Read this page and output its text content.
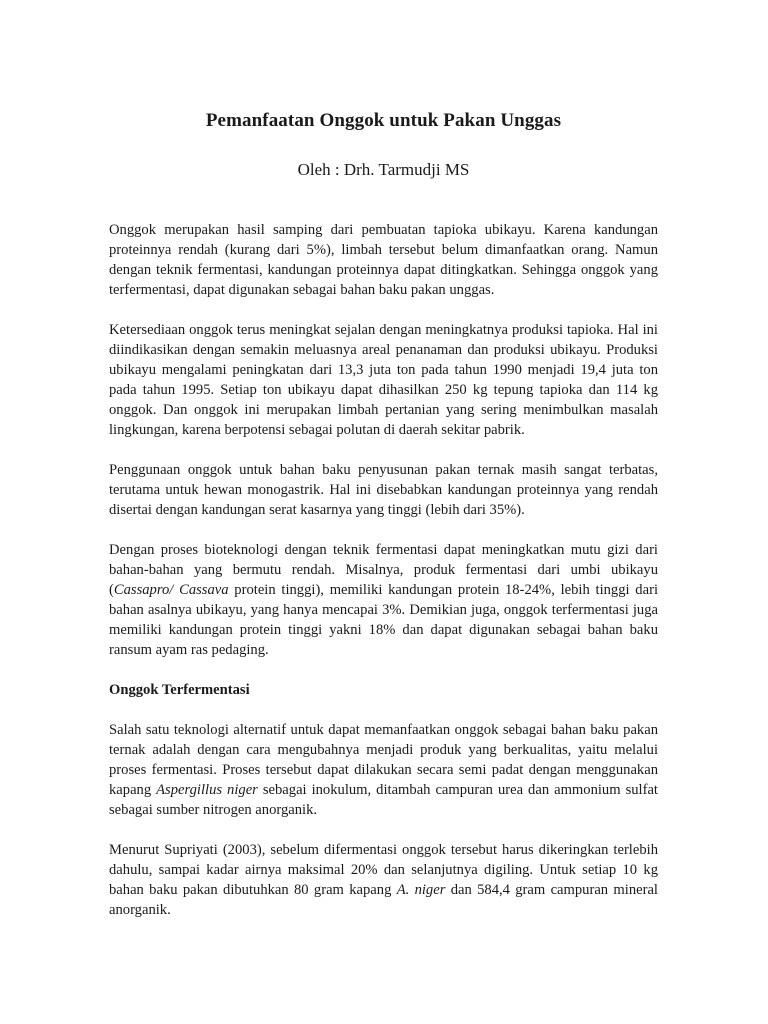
Pemanfaatan Onggok untuk Pakan Unggas
Oleh : Drh. Tarmudji MS

Onggok merupakan hasil samping dari pembuatan tapioka ubikayu. Karena kandungan proteinnya rendah (kurang dari 5%), limbah tersebut belum dimanfaatkan orang. Namun dengan teknik fermentasi, kandungan proteinnya dapat ditingkatkan. Sehingga onggok yang terfermentasi, dapat digunakan sebagai bahan baku pakan unggas.

Ketersediaan onggok terus meningkat sejalan dengan meningkatnya produksi tapioka. Hal ini diindikasikan dengan semakin meluasnya areal penanaman dan produksi ubikayu. Produksi ubikayu mengalami peningkatan dari 13,3 juta ton pada tahun 1990 menjadi 19,4 juta ton pada tahun 1995. Setiap ton ubikayu dapat dihasilkan 250 kg tepung tapioka dan 114 kg onggok. Dan onggok ini merupakan limbah pertanian yang sering menimbulkan masalah lingkungan, karena berpotensi sebagai polutan di daerah sekitar pabrik.

Penggunaan onggok untuk bahan baku penyusunan pakan ternak masih sangat terbatas, terutama untuk hewan monogastrik. Hal ini disebabkan kandungan proteinnya yang rendah disertai dengan kandungan serat kasarnya yang tinggi (lebih dari 35%).

Dengan proses bioteknologi dengan teknik fermentasi dapat meningkatkan mutu gizi dari bahan-bahan yang bermutu rendah. Misalnya, produk fermentasi dari umbi ubikayu (Cassapro/ Cassava protein tinggi), memiliki kandungan protein 18-24%, lebih tinggi dari bahan asalnya ubikayu, yang hanya mencapai 3%. Demikian juga, onggok terfermentasi juga memiliki kandungan protein tinggi yakni 18% dan dapat digunakan sebagai bahan baku ransum ayam ras pedaging.

Onggok Terfermentasi

Salah satu teknologi alternatif untuk dapat memanfaatkan onggok sebagai bahan baku pakan ternak adalah dengan cara mengubahnya menjadi produk yang berkualitas, yaitu melalui proses fermentasi. Proses tersebut dapat dilakukan secara semi padat dengan menggunakan kapang Aspergillus niger sebagai inokulum, ditambah campuran urea dan ammonium sulfat sebagai sumber nitrogen anorganik.

Menurut Supriyati (2003), sebelum difermentasi onggok tersebut harus dikeringkan terlebih dahulu, sampai kadar airnya maksimal 20% dan selanjutnya digiling. Untuk setiap 10 kg bahan baku pakan dibutuhkan 80 gram kapang A. niger dan 584,4 gram campuran mineral anorganik.
